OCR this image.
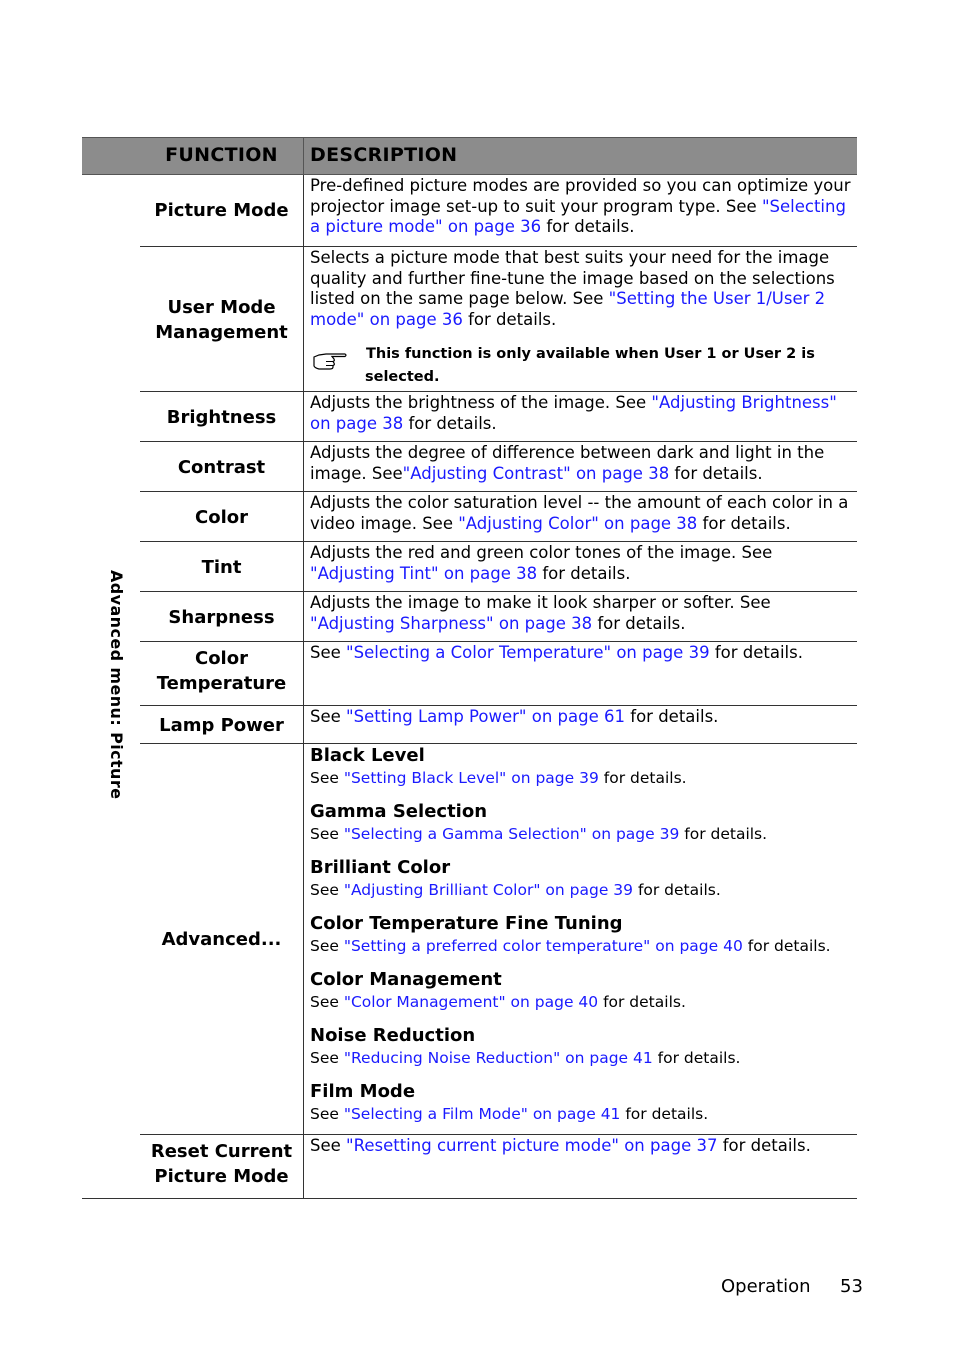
FUNCTION	DESCRIPTION
Advanced menu: Picture
Picture Mode
Pre-defined picture modes are provided so you can optimize your projector image set-up to suit your program type. See "Selecting a picture mode" on page 36 for details.
User Mode
Management
Selects a picture mode that best suits your need for the image quality and further fine-tune the image based on the selections listed on the same page below. See "Setting the User 1/User 2 mode" on page 36 for details.
This function is only available when User 1 or User 2 is
selected.
Brightness
Adjusts the brightness of the image. See "Adjusting Brightness" on page 38 for details.
Contrast
Adjusts the degree of difference between dark and light in the image. See"Adjusting Contrast" on page 38 for details.
Color
Adjusts the color saturation level -- the amount of each color in a video image. See "Adjusting Color" on page 38 for details.
Tint
Adjusts the red and green color tones of the image. See "Adjusting Tint" on page 38 for details.
Sharpness
Adjusts the image to make it look sharper or softer. See "Adjusting Sharpness" on page 38 for details.
Color
Temperature
See "Selecting a Color Temperature" on page 39 for details.
Lamp Power	See "Setting Lamp Power" on page 61 for details.
Advanced...
Black Level
See "Setting Black Level" on page 39 for details.
Gamma Selection
See "Selecting a Gamma Selection" on page 39 for details.
Brilliant Color
See "Adjusting Brilliant Color" on page 39 for details.
Color Temperature Fine Tuning
See "Setting a preferred color temperature" on page 40 for details.
Color Management
See "Color Management" on page 40 for details.
Noise Reduction
See "Reducing Noise Reduction" on page 41 for details.
Film Mode
See "Selecting a Film Mode" on page 41 for details.
Reset Current
Picture Mode
See "Resetting current picture mode" on page 37 for details.
Operation 53
